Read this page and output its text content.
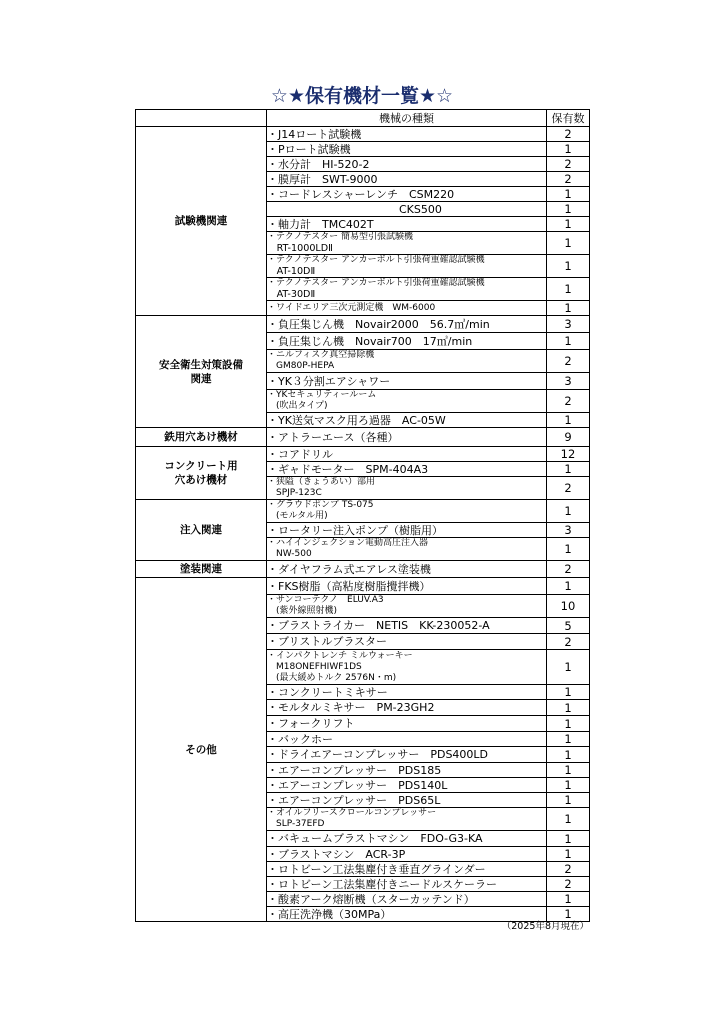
☆★保有機材一覧★☆
	機械の種類	保有数

試験機関連	・J14ロート試験機	2

	・Pロート試験機	1

	・水分計　HI-520-2	2

	・膜厚計　SWT-9000	2

	・コードレスシャーレンチ　CSM220	1

	　　　　　　　　　　　　CKS500	1

	・軸力計　TMC402T	1

	・テクノテスター 簡易型引張試験機
　RT-1000LDⅡ	1

	・テクノテスター アンカーボルト引張荷重確認試験機
　AT-10DⅡ	1

	・テクノテスター アンカーボルト引張荷重確認試験機
　AT-30DⅡ	1

	・ワイドエリア三次元測定機　WM-6000	1

安全衛生対策設備
関連	・負圧集じん機　Novair2000　56.7㎥/min	3

	・負圧集じん機　Novair700　17㎥/min	1

	・ニルフィスク真空掃除機
　GM80P-HEPA	2

	・YK３分割エアシャワー	3

	・YKセキュリティールーム
　(吹出タイプ)	2

	・YK送気マスク用ろ過器　AC-05W	1

鉄用穴あけ機材	・アトラーエース（各種）	9

コンクリート用
穴あけ機材	・コアドリル	12

	・ギャドモーター　SPM-404A3	1

	・狭隘（きょうあい）部用
　SPJP-123C	2

注入関連	・グラウドポンプ TS-075
　(モルタル用)	1

	・ロータリー注入ポンプ（樹脂用）	3

	・ハイインジェクション電動高圧注入器
　NW-500	1

塗装関連	・ダイヤフラム式エアレス塗装機	2

その他	・FKS樹脂（高粘度樹脂攪拌機）	1

	・サンコーテクノ　ELUV.A3
　(紫外線照射機)	10

	・ブラストライカー　NETIS　KK-230052-A	5

	・ブリストルブラスター	2

	・インパクトレンチ ミルウォーキー
　M18ONEFHIWF1DS
　(最大緩めトルク 2576N・m)	1

	・コンクリートミキサー	1

	・モルタルミキサー　PM-23GH2	1

	・フォークリフト	1

	・バックホー	1

	・ドライエアーコンプレッサー　PDS400LD	1

	・エアーコンプレッサー　PDS185	1

	・エアーコンプレッサー　PDS140L	1

	・エアーコンプレッサー　PDS65L	1

	・オイルフリースクロールコンプレッサー
　SLP-37EFD	1

	・バキュームブラストマシン　FDO-G3-KA	1

	・ブラストマシン　ACR-3P	1

	・ロトビーン工法集塵付き垂直グラインダー	2

	・ロトビーン工法集塵付きニードルスケーラー	2

	・酸素アーク熔断機（スターカッテンド）	1

	・高圧洗浄機（30MPa）	1
（2025年8月現在）
